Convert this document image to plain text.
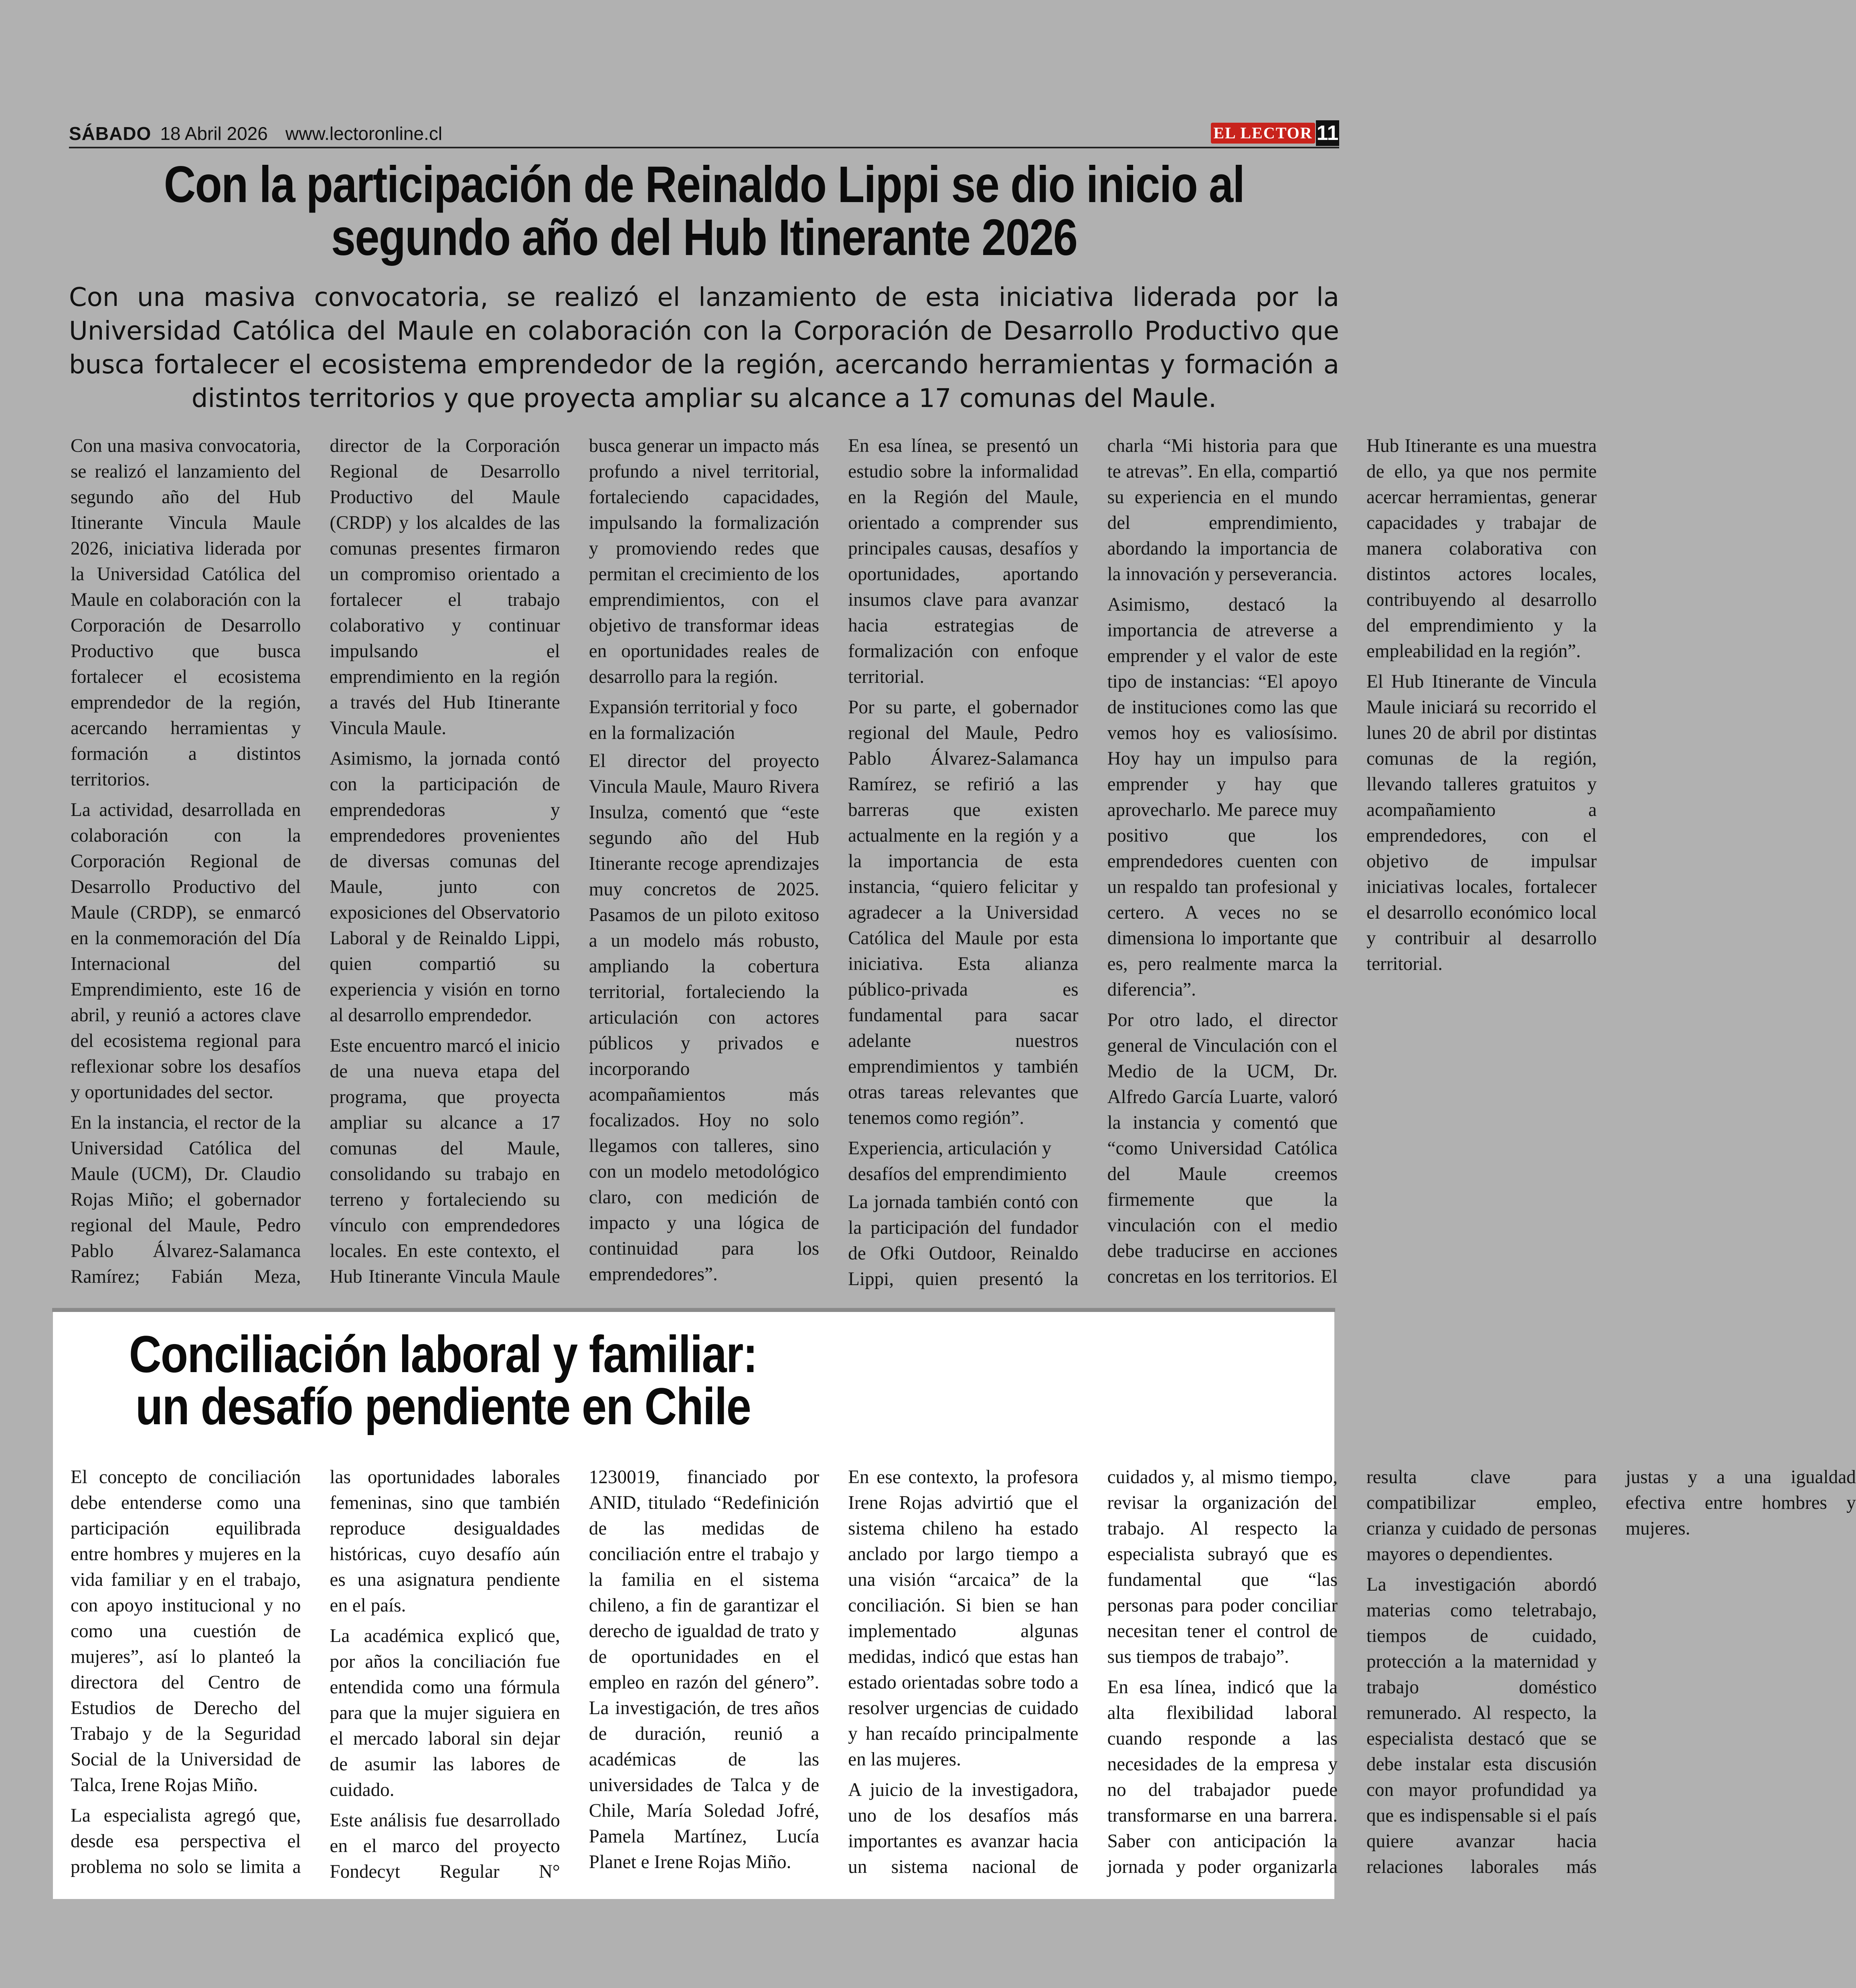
SÁBADO 18 Abril 2026 www.lectoronline.cl	EL LECTOR 11
Con la participación de Reinaldo Lippi se dio inicio al segundo año del Hub Itinerante 2026
Con una masiva convocatoria, se realizó el lanzamiento de esta iniciativa liderada por la Universidad Católica del Maule en colaboración con la Corporación de Desarrollo Productivo que busca fortalecer el ecosistema emprendedor de la región, acercando herramientas y formación a distintos territorios y que proyecta ampliar su alcance a 17 comunas del Maule.

Con una masiva convocatoria, se realizó el lanzamiento del segundo año del Hub Itinerante Vincula Maule 2026, iniciativa liderada por la Universidad Católica del Maule en colaboración con la Corporación de Desarrollo Productivo que busca fortalecer el ecosistema emprendedor de la región, acercando herramientas y formación a distintos territorios.

La actividad, desarrollada en colaboración con la Corporación Regional de Desarrollo Productivo del Maule (CRDP), se enmarcó en la conmemoración del Día Internacional del Emprendimiento, este 16 de abril, y reunió a actores clave del ecosistema regional para reflexionar sobre los desafíos y oportunidades del sector.

En la instancia, el rector de la Universidad Católica del Maule (UCM), Dr. Claudio Rojas Miño; el gobernador regional del Maule, Pedro Pablo Álvarez-Salamanca Ramírez; Fabián Meza, director de la Corporación Regional de Desarrollo Productivo del Maule (CRDP) y los alcaldes de las comunas presentes firmaron un compromiso orientado a fortalecer el trabajo colaborativo y continuar impulsando el emprendimiento en la región a través del Hub Itinerante Vincula Maule.

Asimismo, la jornada contó con la participación de emprendedoras y emprendedores provenientes de diversas comunas del Maule, junto con exposiciones del Observatorio Laboral y de Reinaldo Lippi, quien compartió su experiencia y visión en torno al desarrollo emprendedor.

Este encuentro marcó el inicio de una nueva etapa del programa, que proyecta ampliar su alcance a 17 comunas del Maule, consolidando su trabajo en terreno y fortaleciendo su vínculo con emprendedores locales. En este contexto, el Hub Itinerante Vincula Maule busca generar un impacto más profundo a nivel territorial, fortaleciendo capacidades, impulsando la formalización y promoviendo redes que permitan el crecimiento de los emprendimientos, con el objetivo de transformar ideas en oportunidades reales de desarrollo para la región.

Expansión territorial y foco en la formalización

El director del proyecto Vincula Maule, Mauro Rivera Insulza, comentó que “este segundo año del Hub Itinerante recoge aprendizajes muy concretos de 2025. Pasamos de un piloto exitoso a un modelo más robusto, ampliando la cobertura territorial, fortaleciendo la articulación con actores públicos y privados e incorporando acompañamientos más focalizados. Hoy no solo llegamos con talleres, sino con un modelo metodológico claro, con medición de impacto y una lógica de continuidad para los emprendedores”.

En esa línea, se presentó un estudio sobre la informalidad en la Región del Maule, orientado a comprender sus principales causas, desafíos y oportunidades, aportando insumos clave para avanzar hacia estrategias de formalización con enfoque territorial.

Por su parte, el gobernador regional del Maule, Pedro Pablo Álvarez-Salamanca Ramírez, se refirió a las barreras que existen actualmente en la región y a la importancia de esta instancia, “quiero felicitar y agradecer a la Universidad Católica del Maule por esta iniciativa. Esta alianza público-privada es fundamental para sacar adelante nuestros emprendimientos y también otras tareas relevantes que tenemos como región”.

Experiencia, articulación y desafíos del emprendimiento

La jornada también contó con la participación del fundador de Ofki Outdoor, Reinaldo Lippi, quien presentó la charla “Mi historia para que te atrevas”. En ella, compartió su experiencia en el mundo del emprendimiento, abordando la importancia de la innovación y perseverancia.

Asimismo, destacó la importancia de atreverse a emprender y el valor de este tipo de instancias: “El apoyo de instituciones como las que vemos hoy es valiosísimo. Hoy hay un impulso para emprender y hay que aprovecharlo. Me parece muy positivo que los emprendedores cuenten con un respaldo tan profesional y certero. A veces no se dimensiona lo importante que es, pero realmente marca la diferencia”.

Por otro lado, el director general de Vinculación con el Medio de la UCM, Dr. Alfredo García Luarte, valoró la instancia y comentó que “como Universidad Católica del Maule creemos firmemente que la vinculación con el medio debe traducirse en acciones concretas en los territorios. El Hub Itinerante es una muestra de ello, ya que nos permite acercar herramientas, generar capacidades y trabajar de manera colaborativa con distintos actores locales, contribuyendo al desarrollo del emprendimiento y la empleabilidad en la región”.

El Hub Itinerante de Vincula Maule iniciará su recorrido el lunes 20 de abril por distintas comunas de la región, llevando talleres gratuitos y acompañamiento a emprendedores, con el objetivo de impulsar iniciativas locales, fortalecer el desarrollo económico local y contribuir al desarrollo territorial.

Conciliación laboral y familiar:
un desafío pendiente en Chile

El concepto de conciliación debe entenderse como una participación equilibrada entre hombres y mujeres en la vida familiar y en el trabajo, con apoyo institucional y no como una cuestión de mujeres”, así lo planteó la directora del Centro de Estudios de Derecho del Trabajo y de la Seguridad Social de la Universidad de Talca, Irene Rojas Miño.

La especialista agregó que, desde esa perspectiva el problema no solo se limita a las oportunidades laborales femeninas, sino que también reproduce desigualdades históricas, cuyo desafío aún es una asignatura pendiente en el país.

La académica explicó que, por años la conciliación fue entendida como una fórmula para que la mujer siguiera en el mercado laboral sin dejar de asumir las labores de cuidado.

Este análisis fue desarrollado en el marco del proyecto Fondecyt Regular N° 1230019, financiado por ANID, titulado “Redefinición de las medidas de conciliación entre el trabajo y la familia en el sistema chileno, a fin de garantizar el derecho de igualdad de trato y de oportunidades en el empleo en razón del género”. La investigación, de tres años de duración, reunió a académicas de las universidades de Talca y de Chile, María Soledad Jofré, Pamela Martínez, Lucía Planet e Irene Rojas Miño.

En ese contexto, la profesora Irene Rojas advirtió que el sistema chileno ha estado anclado por largo tiempo a una visión “arcaica” de la conciliación. Si bien se han implementado algunas medidas, indicó que estas han estado orientadas sobre todo a resolver urgencias de cuidado y han recaído principalmente en las mujeres.

A juicio de la investigadora, uno de los desafíos más importantes es avanzar hacia un sistema nacional de cuidados y, al mismo tiempo, revisar la organización del trabajo. Al respecto la especialista subrayó que es fundamental que “las personas para poder conciliar necesitan tener el control de sus tiempos de trabajo”.

En esa línea, indicó que la alta flexibilidad laboral cuando responde a las necesidades de la empresa y no del trabajador puede transformarse en una barrera. Saber con anticipación la jornada y poder organizarla resulta clave para compatibilizar empleo, crianza y cuidado de personas mayores o dependientes.

La investigación abordó materias como teletrabajo, tiempos de cuidado, protección a la maternidad y trabajo doméstico remunerado. Al respecto, la especialista destacó que se debe instalar esta discusión con mayor profundidad ya que es indispensable si el país quiere avanzar hacia relaciones laborales más justas y a una igualdad efectiva entre hombres y mujeres.
